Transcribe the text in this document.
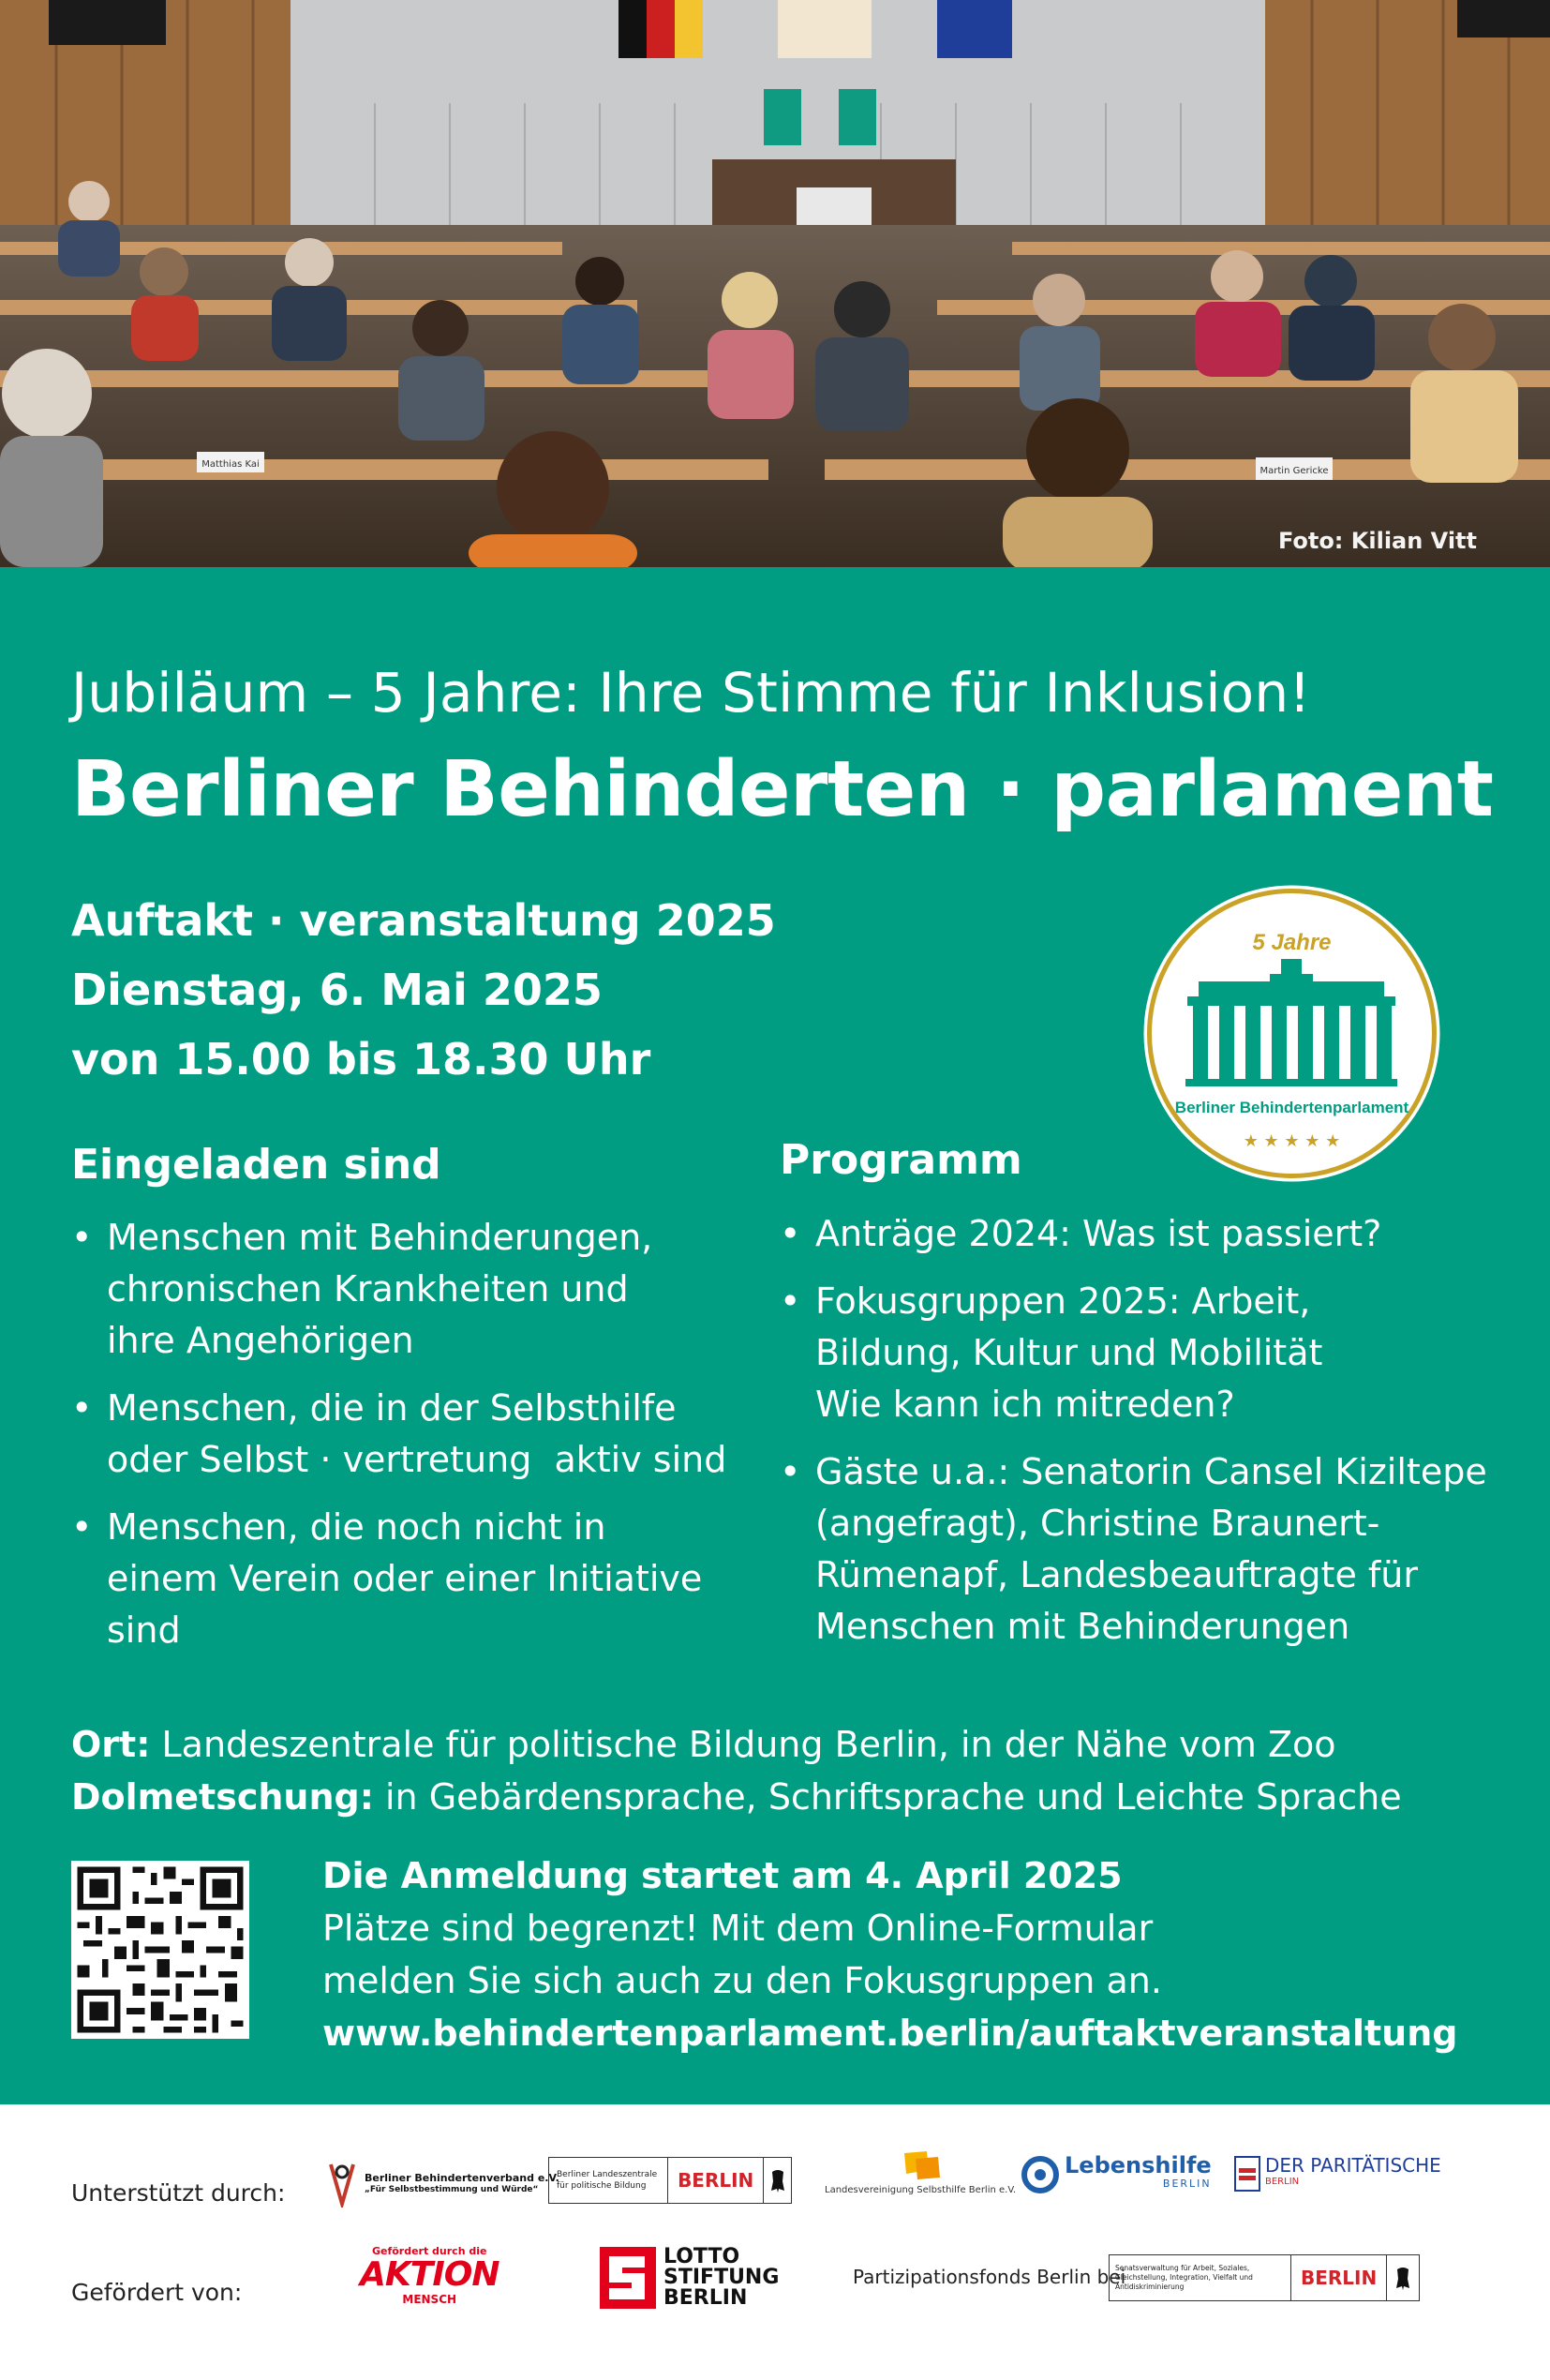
Martin Gericke
Matthias Kai
Foto: Kilian Vitt
Jubiläum – 5 Jahre: Ihre Stimme für Inklusion!
Berliner Behinderten · parlament
Auftakt · veranstaltung 2025
Dienstag, 6. Mai 2025
von 15.00 bis 18.30 Uhr
5 Jahre
Berliner Behindertenparlament
★ ★ ★ ★ ★
Eingeladen sind
• Menschen mit Behinderungen,
chronischen Krankheiten und
ihre Angehörigen
• Menschen, die in der Selbsthilfe
oder Selbst · vertretung  aktiv sind
• Menschen, die noch nicht in
einem Verein oder einer Initiative
sind
Programm
• Anträge 2024: Was ist passiert?
• Fokusgruppen 2025: Arbeit,
Bildung, Kultur und Mobilität
Wie kann ich mitreden?
• Gäste u.a.: Senatorin Cansel Kiziltepe
(angefragt), Christine Braunert-
Rümenapf, Landesbeauftragte für
Menschen mit Behinderungen
Ort: Landeszentrale für politische Bildung Berlin, in der Nähe vom Zoo
Dolmetschung: in Gebärdensprache, Schriftsprache und Leichte Sprache
Die Anmeldung startet am 4. April 2025
Plätze sind begrenzt! Mit dem Online-Formular
melden Sie sich auch zu den Fokusgruppen an.
www.behindertenparlament.berlin/auftaktveranstaltung
Unterstützt durch:
Gefördert von:
Berliner Behindertenverband e.V.
„Für Selbstbestimmung und Würde“
Berliner Landeszentrale für politische Bildung	BERLIN	Landesvereinigung Selbsthilfe Berlin e.V.
Lebenshilfe
BERLIN
DER PARITÄTISCHE
BERLIN
Gefördert durch die
AKTION
MENSCH
LOTTO
STIFTUNG
BERLIN
Partizipationsfonds Berlin bei
Senatsverwaltung für Arbeit, Soziales, Gleichstellung, Integration, Vielfalt und Antidiskriminierung	BERLIN
